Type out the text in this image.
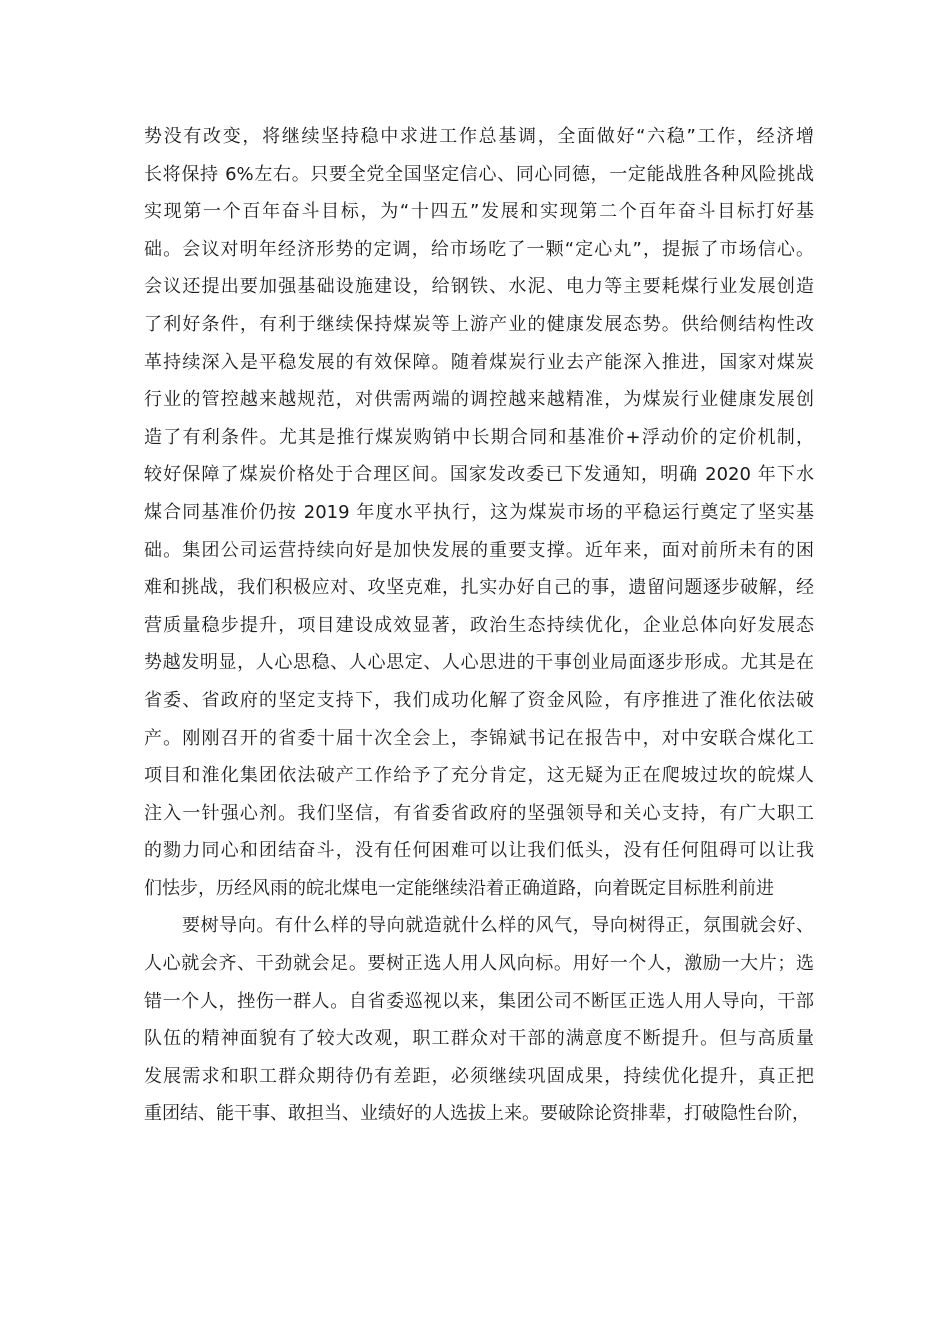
势没有改变，将继续坚持稳中求进工作总基调，全面做好“六稳”工作，经济增
长将保持 6%左右。只要全党全国坚定信心、同心同德，一定能战胜各种风险挑战
实现第一个百年奋斗目标，为“十四五”发展和实现第二个百年奋斗目标打好基
础。会议对明年经济形势的定调，给市场吃了一颗“定心丸”，提振了市场信心。
会议还提出要加强基础设施建设，给钢铁、水泥、电力等主要耗煤行业发展创造
了利好条件，有利于继续保持煤炭等上游产业的健康发展态势。供给侧结构性改
革持续深入是平稳发展的有效保障。随着煤炭行业去产能深入推进，国家对煤炭
行业的管控越来越规范，对供需两端的调控越来越精准，为煤炭行业健康发展创
造了有利条件。尤其是推行煤炭购销中长期合同和基准价+浮动价的定价机制，
较好保障了煤炭价格处于合理区间。国家发改委已下发通知，明确 2020 年下水
煤合同基准价仍按 2019 年度水平执行，这为煤炭市场的平稳运行奠定了坚实基
础。集团公司运营持续向好是加快发展的重要支撑。近年来，面对前所未有的困
难和挑战，我们积极应对、攻坚克难，扎实办好自己的事，遗留问题逐步破解，经
营质量稳步提升，项目建设成效显著，政治生态持续优化，企业总体向好发展态
势越发明显，人心思稳、人心思定、人心思进的干事创业局面逐步形成。尤其是在
省委、省政府的坚定支持下，我们成功化解了资金风险，有序推进了淮化依法破
产。刚刚召开的省委十届十次全会上，李锦斌书记在报告中，对中安联合煤化工
项目和淮化集团依法破产工作给予了充分肯定，这无疑为正在爬坡过坎的皖煤人
注入一针强心剂。我们坚信，有省委省政府的坚强领导和关心支持，有广大职工
的勠力同心和团结奋斗，没有任何困难可以让我们低头，没有任何阻碍可以让我
们怯步，历经风雨的皖北煤电一定能继续沿着正确道路，向着既定目标胜利前进
要树导向。有什么样的导向就造就什么样的风气，导向树得正，氛围就会好、
人心就会齐、干劲就会足。要树正选人用人风向标。用好一个人，激励一大片；选
错一个人，挫伤一群人。自省委巡视以来，集团公司不断匡正选人用人导向，干部
队伍的精神面貌有了较大改观，职工群众对干部的满意度不断提升。但与高质量
发展需求和职工群众期待仍有差距，必须继续巩固成果，持续优化提升，真正把
重团结、能干事、敢担当、业绩好的人选拔上来。要破除论资排辈，打破隐性台阶，
